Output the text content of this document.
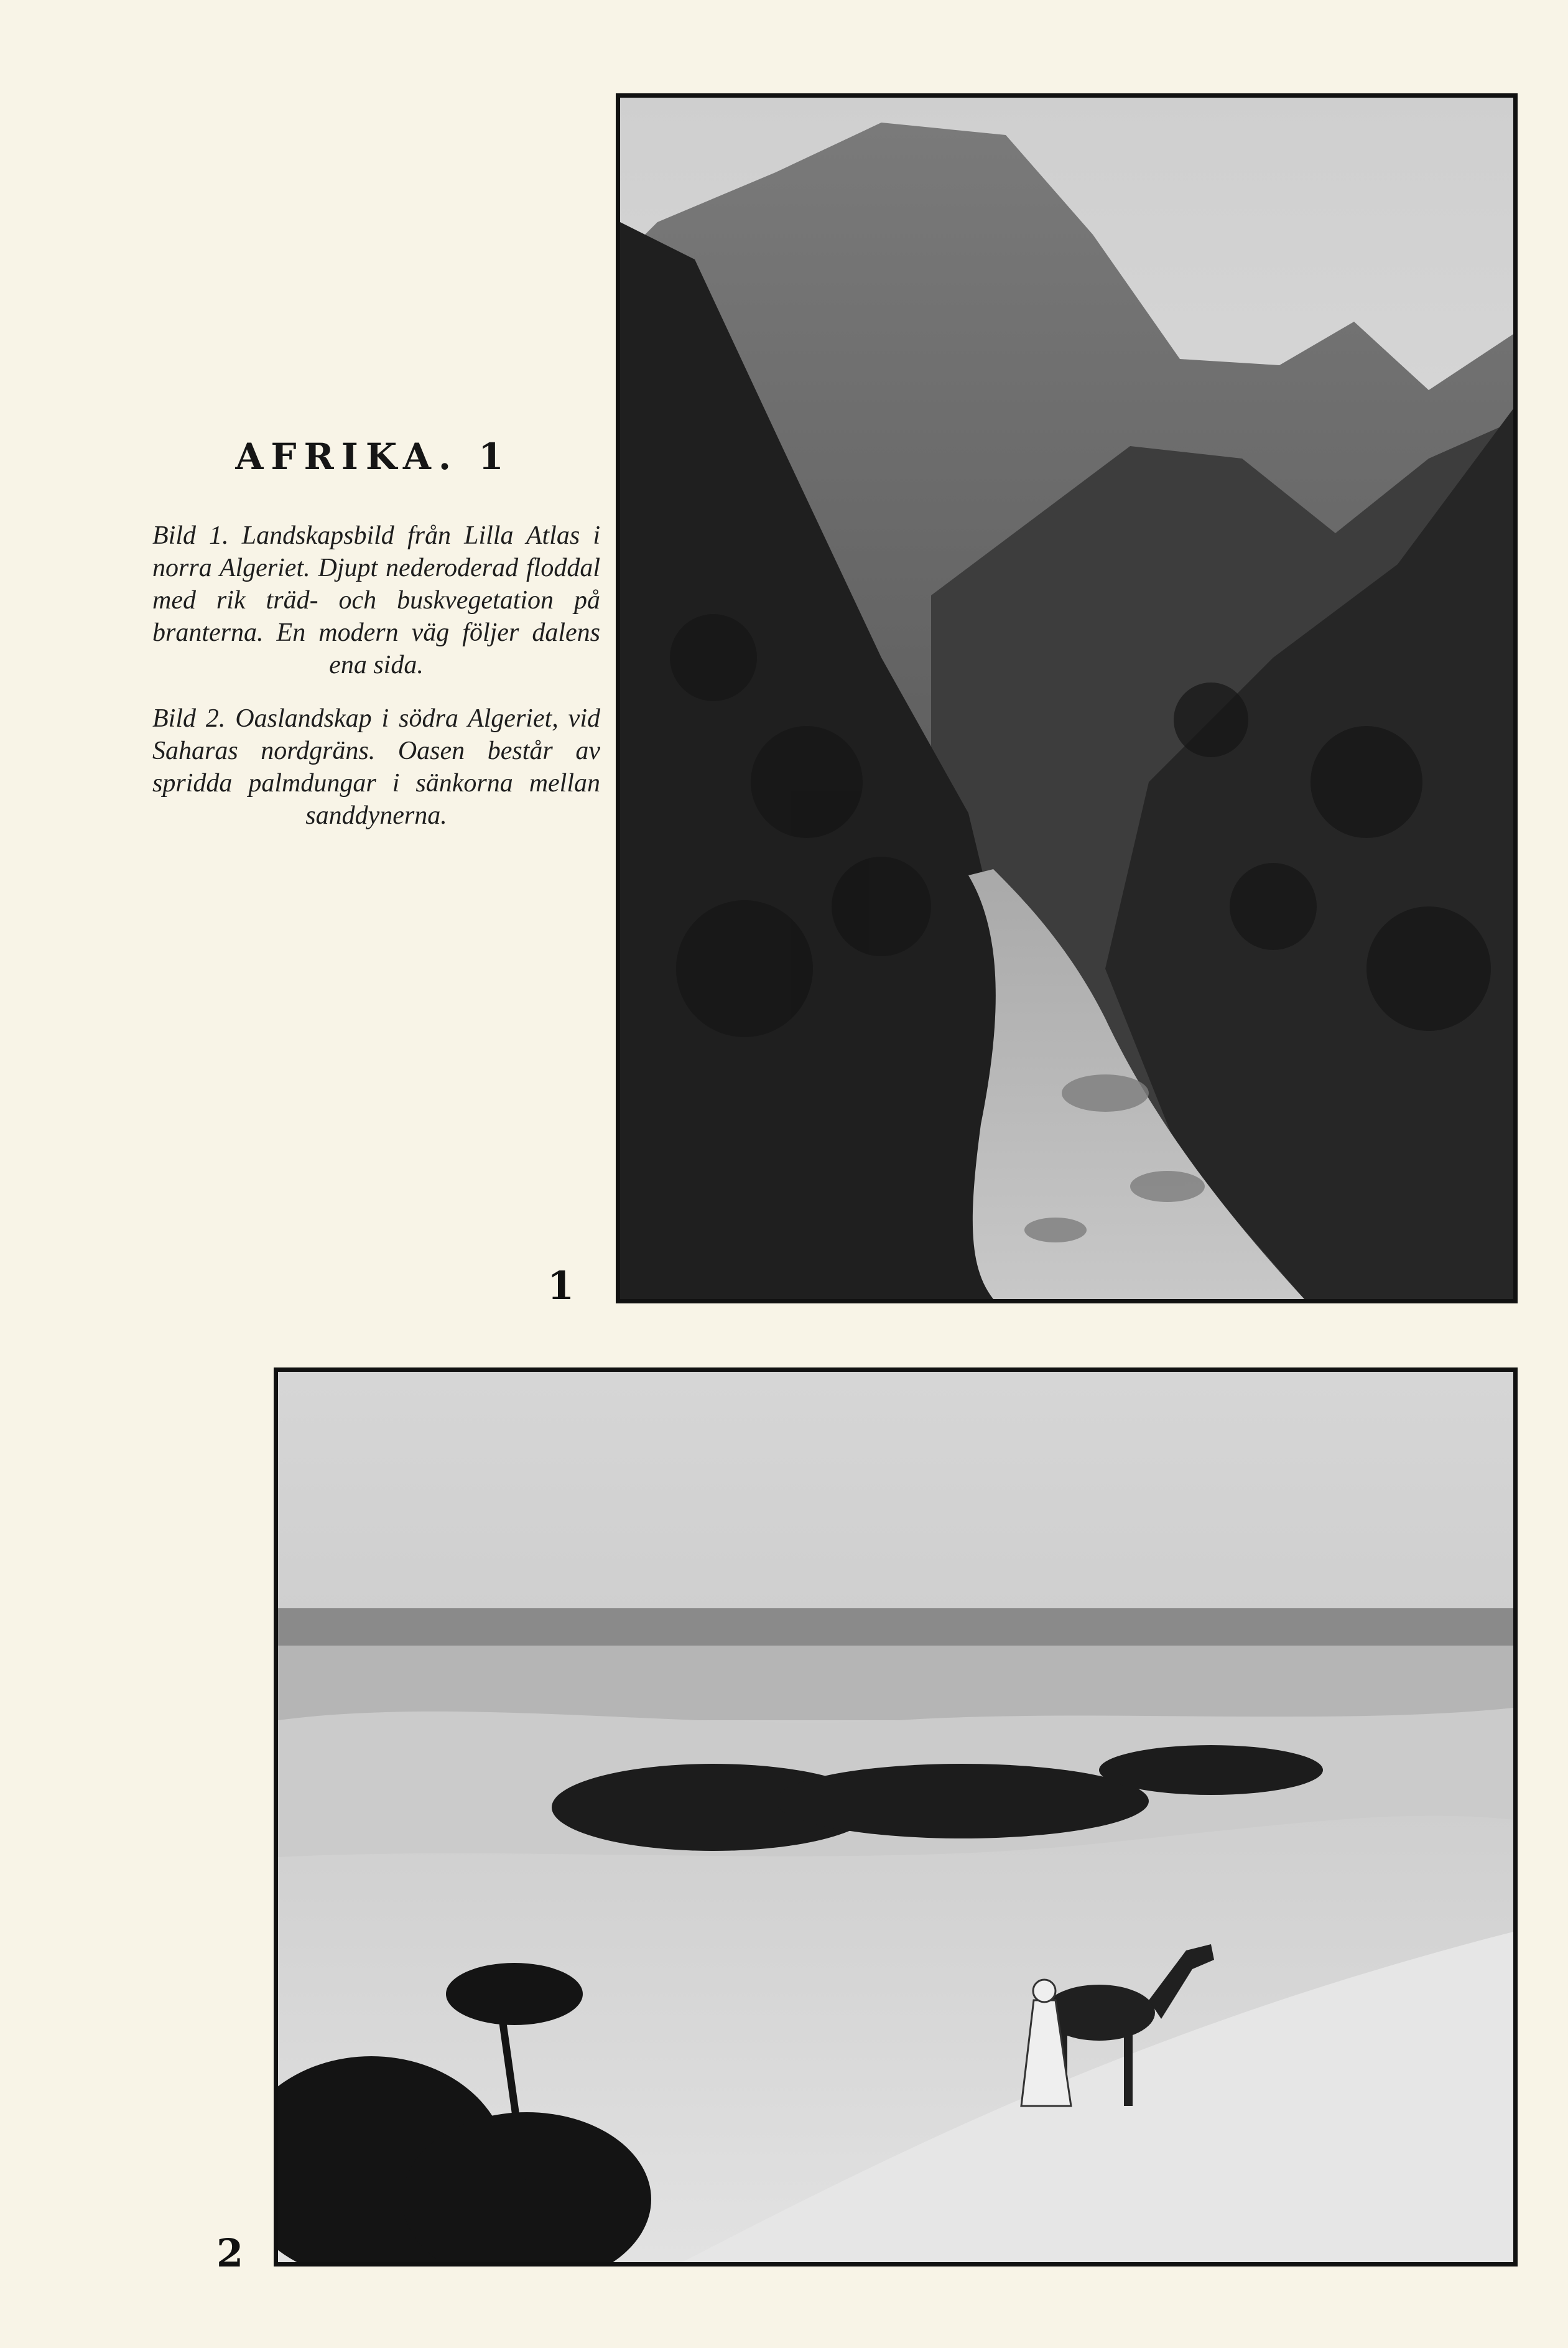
AFRIKA. 1

Bild 1. Landskapsbild från Lilla Atlas i norra Algeriet. Djupt nederoderad floddal med rik träd- och buskvegetation på branterna. En modern väg följer dalens ena sida.

Bild 2. Oaslandskap i södra Algeriet, vid Saharas nordgräns. Oasen består av spridda palmdungar i sänkorna mellan sanddynerna.

1
2
